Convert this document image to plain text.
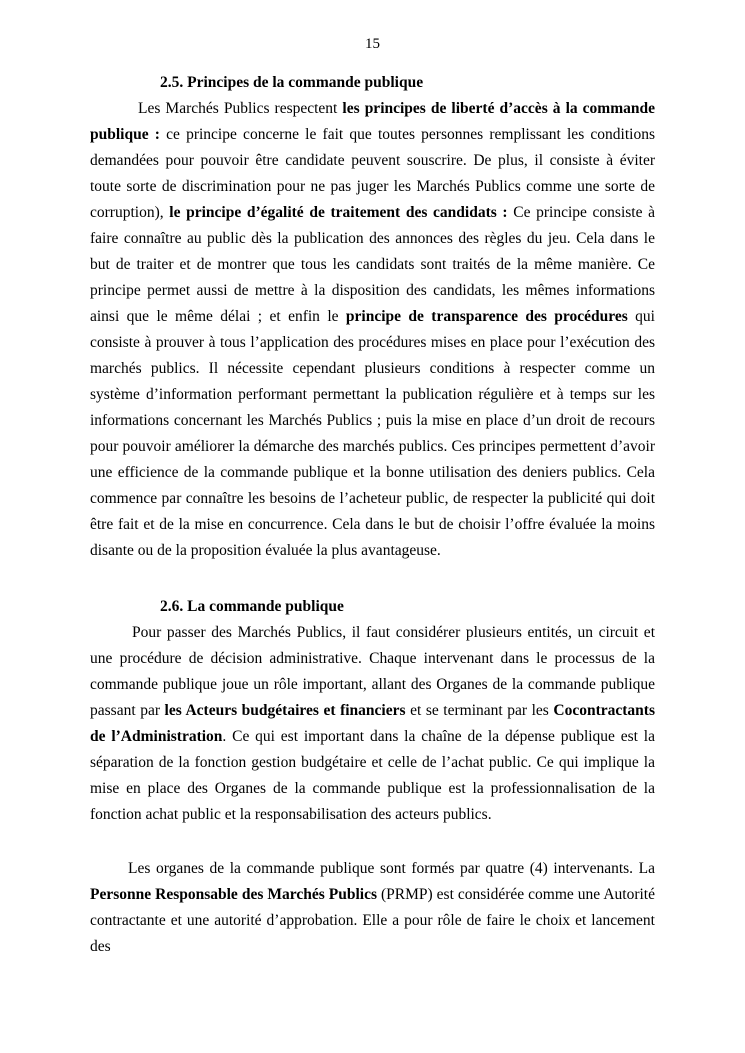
15
2.5. Principes de la commande publique

Les Marchés Publics respectent les principes de liberté d’accès à la commande publique : ce principe concerne le fait que toutes personnes remplissant les conditions demandées pour pouvoir être candidate peuvent souscrire. De plus, il consiste à éviter toute sorte de discrimination pour ne pas juger les Marchés Publics comme une sorte de corruption), le principe d’égalité de traitement des candidats : Ce principe consiste à faire connaître au public dès la publication des annonces des règles du jeu. Cela dans le but de traiter et de montrer que tous les candidats sont traités de la même manière. Ce principe permet aussi de mettre à la disposition des candidats, les mêmes informations ainsi que le même délai ; et enfin le principe de transparence des procédures qui consiste à prouver à tous l’application des procédures mises en place pour l’exécution des marchés publics. Il nécessite cependant plusieurs conditions à respecter comme un système d’information performant permettant la publication régulière et à temps sur les informations concernant les Marchés Publics ; puis la mise en place d’un droit de recours pour pouvoir améliorer la démarche des marchés publics. Ces principes permettent d’avoir une efficience de la commande publique et la bonne utilisation des deniers publics. Cela commence par connaître les besoins de l’acheteur public, de respecter la publicité qui doit être fait et de la mise en concurrence. Cela dans le but de choisir l’offre évaluée la moins disante ou de la proposition évaluée la plus avantageuse.

2.6. La commande publique

Pour passer des Marchés Publics, il faut considérer plusieurs entités, un circuit et une procédure de décision administrative. Chaque intervenant dans le processus de la commande publique joue un rôle important, allant des Organes de la commande publique passant par les Acteurs budgétaires et financiers et se terminant par les Cocontractants de l’Administration. Ce qui est important dans la chaîne de la dépense publique est la séparation de la fonction gestion budgétaire et celle de l’achat public. Ce qui implique la mise en place des Organes de la commande publique est la professionnalisation de la fonction achat public et la responsabilisation des acteurs publics.

Les organes de la commande publique sont formés par quatre (4) intervenants. La Personne Responsable des Marchés Publics (PRMP) est considérée comme une Autorité contractante et une autorité d’approbation. Elle a pour rôle de faire le choix et lancement des
